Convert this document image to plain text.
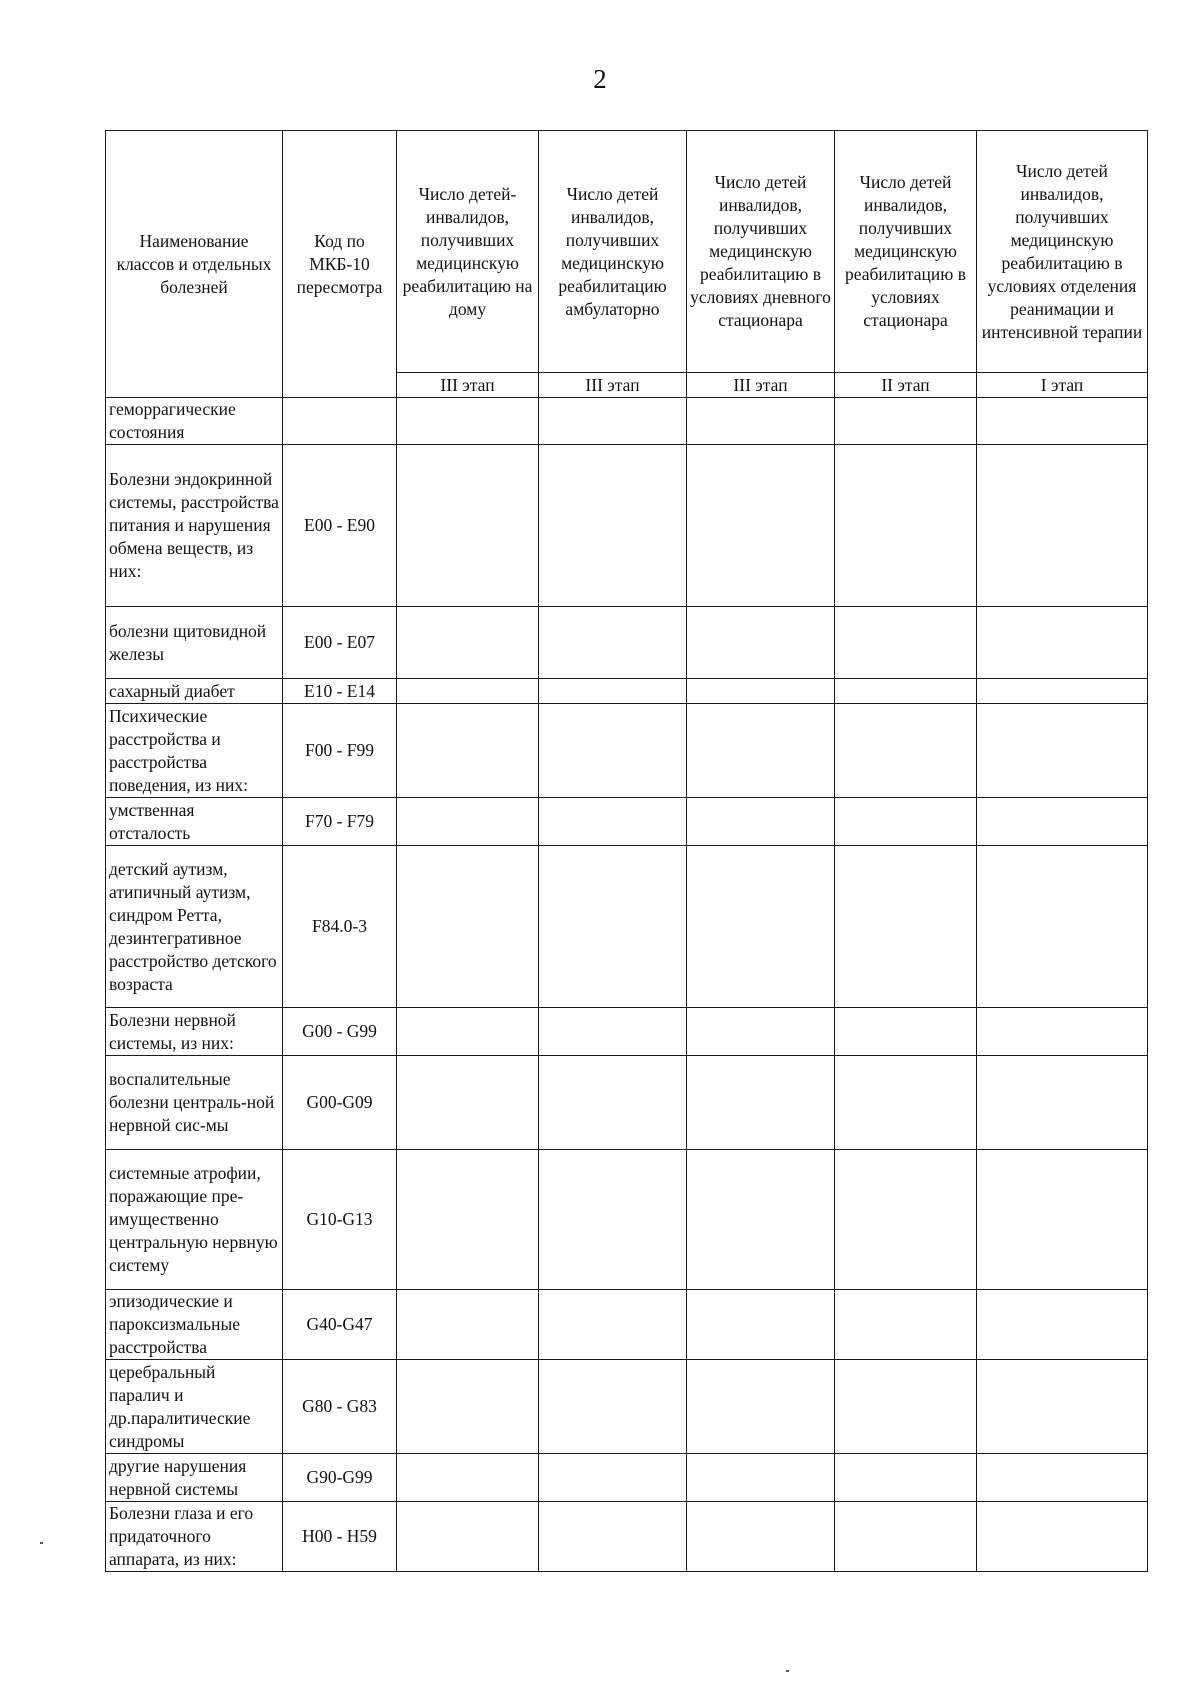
2
Наименование классов и отдельных болезней	Код по МКБ-10 пересмотра	Число детей-инвалидов, получивших медицинскую реабилитацию на дому	Число детей инвалидов, получивших медицинскую реабилитацию амбулаторно	Число детей инвалидов, получивших медицинскую реабилитацию в условиях дневного стационара	Число детей инвалидов, получивших медицинскую реабилитацию в условиях стационара	Число детей инвалидов, получивших медицинскую реабилитацию в условиях отделения реанимации и интенсивной терапии
		III этап	III этап	III этап	II этап	I этап
геморрагические состояния						
Болезни эндокринной системы, расстройства питания и нарушения обмена веществ, из них:	E00 - E90					
болезни щитовидной железы	E00 - E07					
сахарный диабет	E10 - E14					
Психические расстройства и расстройства поведения, из них:	F00 - F99					
умственная отсталость	F70 - F79					
детский аутизм, атипичный аутизм, синдром Ретта, дезинтегративное расстройство детского возраста	F84.0-3					
Болезни нервной системы, из них:	G00 - G99					
воспалительные болезни централь-ной нервной сис-мы	G00-G09					
системные атрофии, поражающие пре-имущественно центральную нервную систему	G10-G13					
эпизодические и пароксизмальные расстройства	G40-G47					
церебральный паралич и др.паралитические синдромы	G80 - G83					
другие нарушения нервной системы	G90-G99					
Болезни глаза и его придаточного аппарата, из них:	H00 - H59					
